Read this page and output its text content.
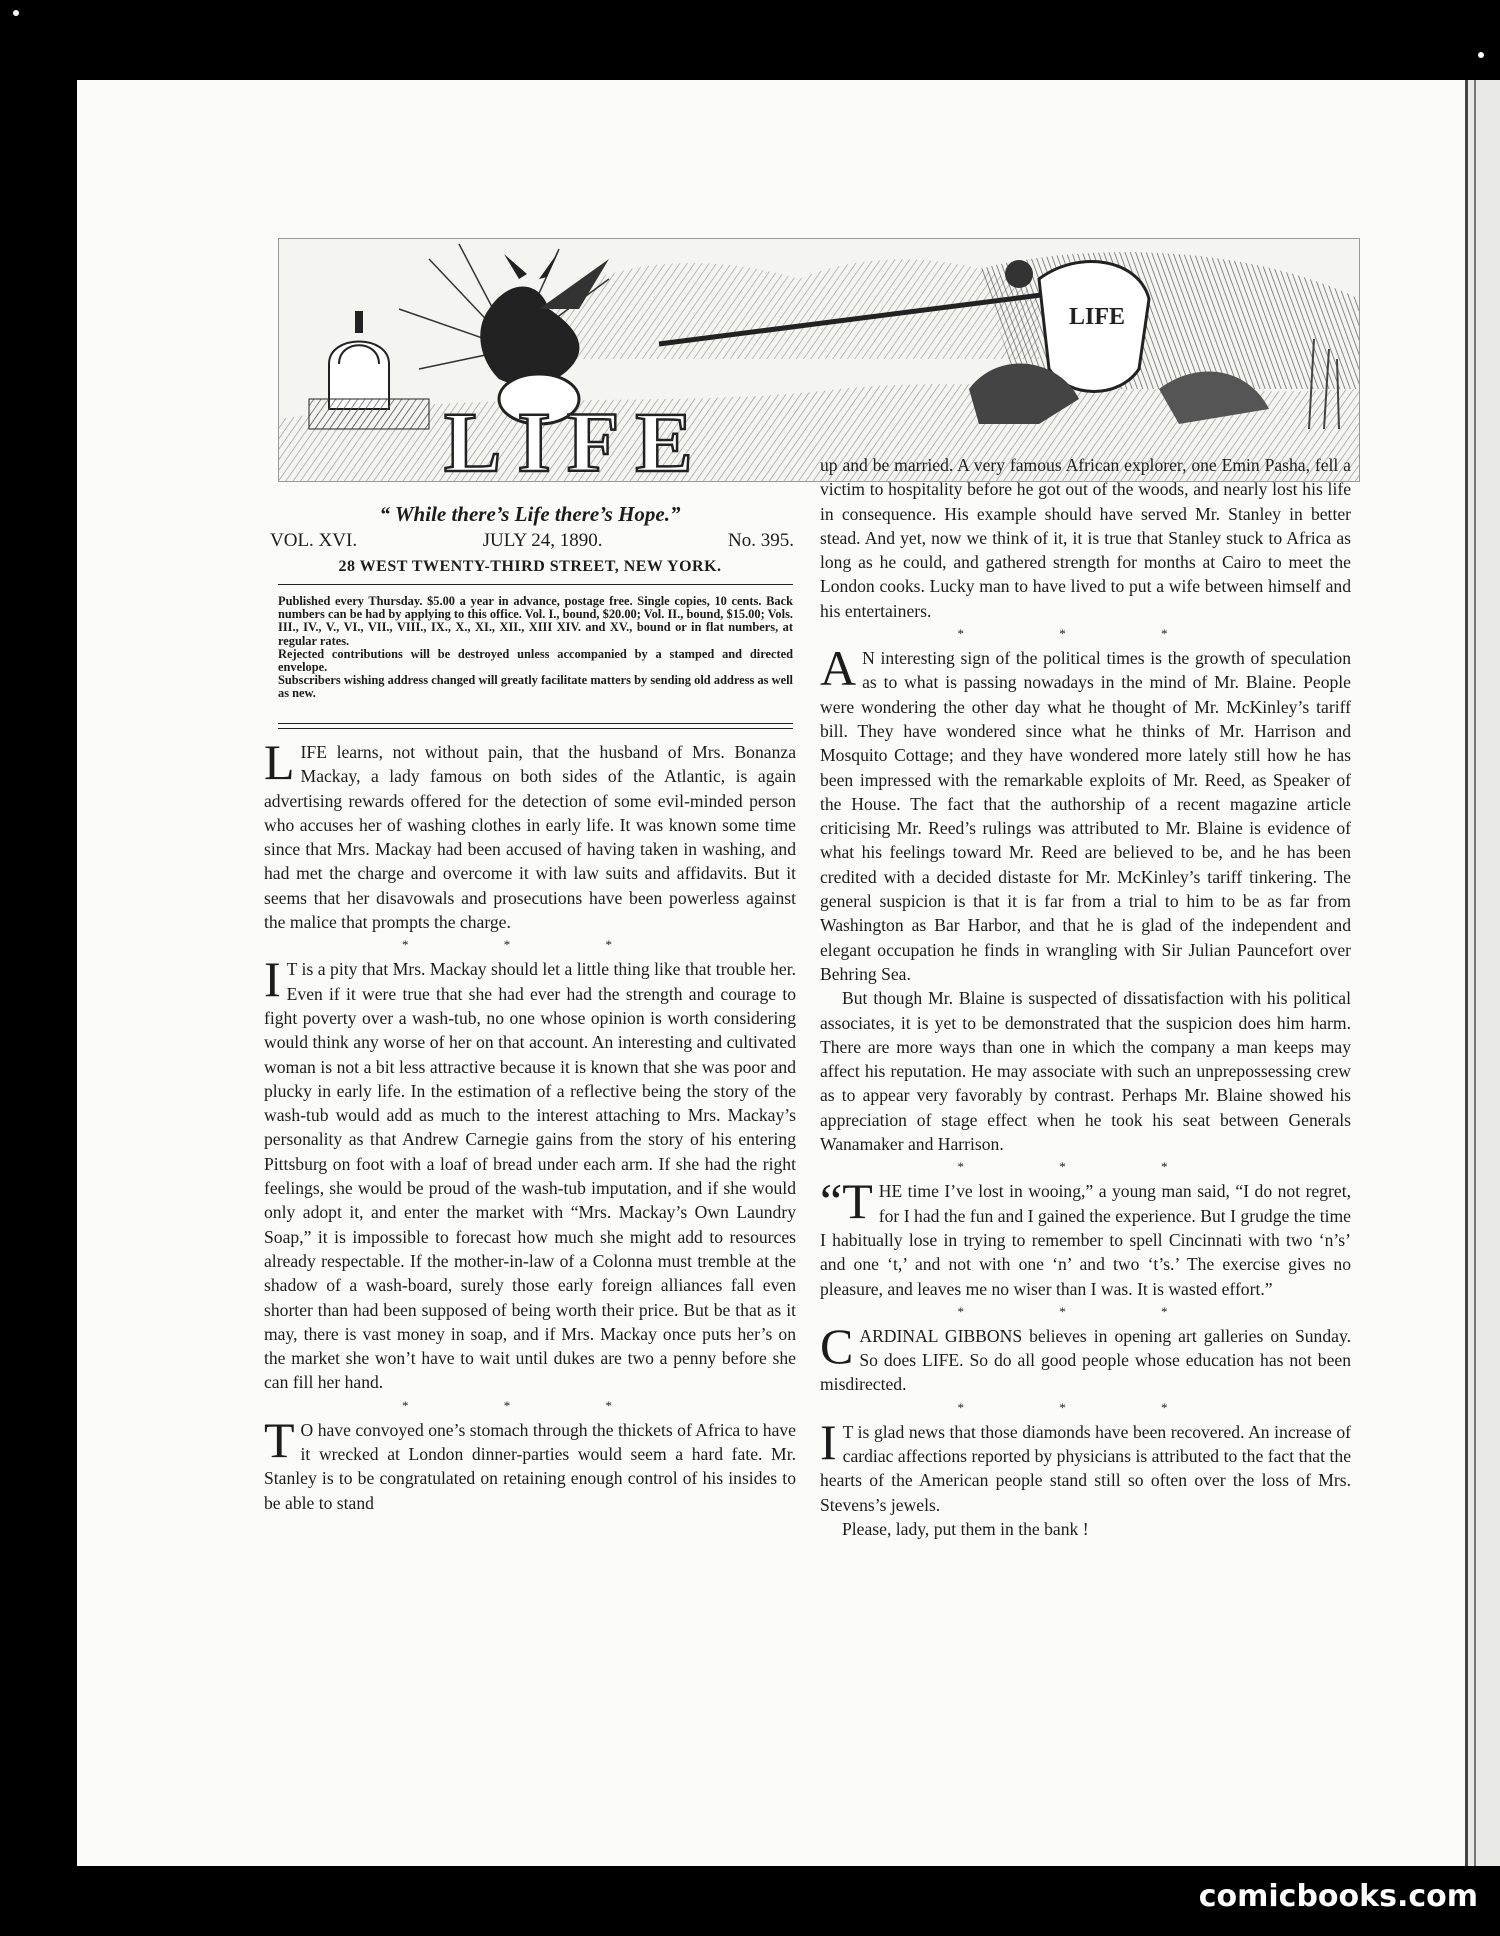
LIFE
LIFE
“ While there’s Life there’s Hope.”
VOL. XVI.	JULY 24, 1890.	No. 395.
28 WEST TWENTY-THIRD STREET, NEW YORK.

Published every Thursday. $5.00 a year in advance, postage free. Single copies, 10 cents. Back numbers can be had by applying to this office. Vol. I., bound, $20.00; Vol. II., bound, $15.00; Vols. III., IV., V., VI., VII., VIII., IX., X., XI., XII., XIII XIV. and XV., bound or in flat numbers, at regular rates.

Rejected contributions will be destroyed unless accompanied by a stamped and directed envelope.

Subscribers wishing address changed will greatly facilitate matters by sending old address as well as new.

LIFE learns, not without pain, that the husband of Mrs. Bonanza Mackay, a lady famous on both sides of the Atlantic, is again advertising rewards offered for the detection of some evil-minded person who accuses her of washing clothes in early life. It was known some time since that Mrs. Mackay had been accused of having taken in washing, and had met the charge and overcome it with law suits and affidavits. But it seems that her disavowals and prosecutions have been powerless against the malice that prompts the charge.

* * *

I T is a pity that Mrs. Mackay should let a little thing like that trouble her. Even if it were true that she had ever had the strength and courage to fight poverty over a wash-tub, no one whose opinion is worth considering would think any worse of her on that account. An interesting and cultivated woman is not a bit less attractive because it is known that she was poor and plucky in early life. In the estimation of a reflective being the story of the wash-tub would add as much to the interest attaching to Mrs. Mackay’s personality as that Andrew Carnegie gains from the story of his entering Pittsburg on foot with a loaf of bread under each arm. If she had the right feelings, she would be proud of the wash-tub imputation, and if she would only adopt it, and enter the market with “Mrs. Mackay’s Own Laundry Soap,” it is impossible to forecast how much she might add to resources already respectable. If the mother-in-law of a Colonna must tremble at the shadow of a wash-board, surely those early foreign alliances fall even shorter than had been supposed of being worth their price. But be that as it may, there is vast money in soap, and if Mrs. Mackay once puts her’s on the market she won’t have to wait until dukes are two a penny before she can fill her hand.

* * *

T O have convoyed one’s stomach through the thickets of Africa to have it wrecked at London dinner-parties would seem a hard fate. Mr. Stanley is to be congratulated on retaining enough control of his insides to be able to stand

up and be married. A very famous African explorer, one Emin Pasha, fell a victim to hospitality before he got out of the woods, and nearly lost his life in consequence. His example should have served Mr. Stanley in better stead. And yet, now we think of it, it is true that Stanley stuck to Africa as long as he could, and gathered strength for months at Cairo to meet the London cooks. Lucky man to have lived to put a wife between himself and his entertainers.

* * *

A N interesting sign of the political times is the growth of speculation as to what is passing nowadays in the mind of Mr. Blaine. People were wondering the other day what he thought of Mr. McKinley’s tariff bill. They have wondered since what he thinks of Mr. Harrison and Mosquito Cottage; and they have wondered more lately still how he has been impressed with the remarkable exploits of Mr. Reed, as Speaker of the House. The fact that the authorship of a recent magazine article criticising Mr. Reed’s rulings was attributed to Mr. Blaine is evidence of what his feelings toward Mr. Reed are believed to be, and he has been credited with a decided distaste for Mr. McKinley’s tariff tinkering. The general suspicion is that it is far from a trial to him to be as far from Washington as Bar Harbor, and that he is glad of the independent and elegant occupation he finds in wrangling with Sir Julian Pauncefort over Behring Sea.

But though Mr. Blaine is suspected of dissatisfaction with his political associates, it is yet to be demonstrated that the suspicion does him harm. There are more ways than one in which the company a man keeps may affect his reputation. He may associate with such an unprepossessing crew as to appear very favorably by contrast. Perhaps Mr. Blaine showed his appreciation of stage effect when he took his seat between Generals Wanamaker and Harrison.

* * *

“THE time I’ve lost in wooing,” a young man said, “I do not regret, for I had the fun and I gained the experience. But I grudge the time I habitually lose in trying to remember to spell Cincinnati with two ‘n’s’ and one ‘t,’ and not with one ‘n’ and two ‘t’s.’ The exercise gives no pleasure, and leaves me no wiser than I was. It is wasted effort.”

* * *

CARDINAL GIBBONS believes in opening art galleries on Sunday. So does LIFE. So do all good people whose education has not been misdirected.

* * *

I T is glad news that those diamonds have been recovered. An increase of cardiac affections reported by physicians is attributed to the fact that the hearts of the American people stand still so often over the loss of Mrs. Stevens’s jewels.

Please, lady, put them in the bank !

comicbooks.com
